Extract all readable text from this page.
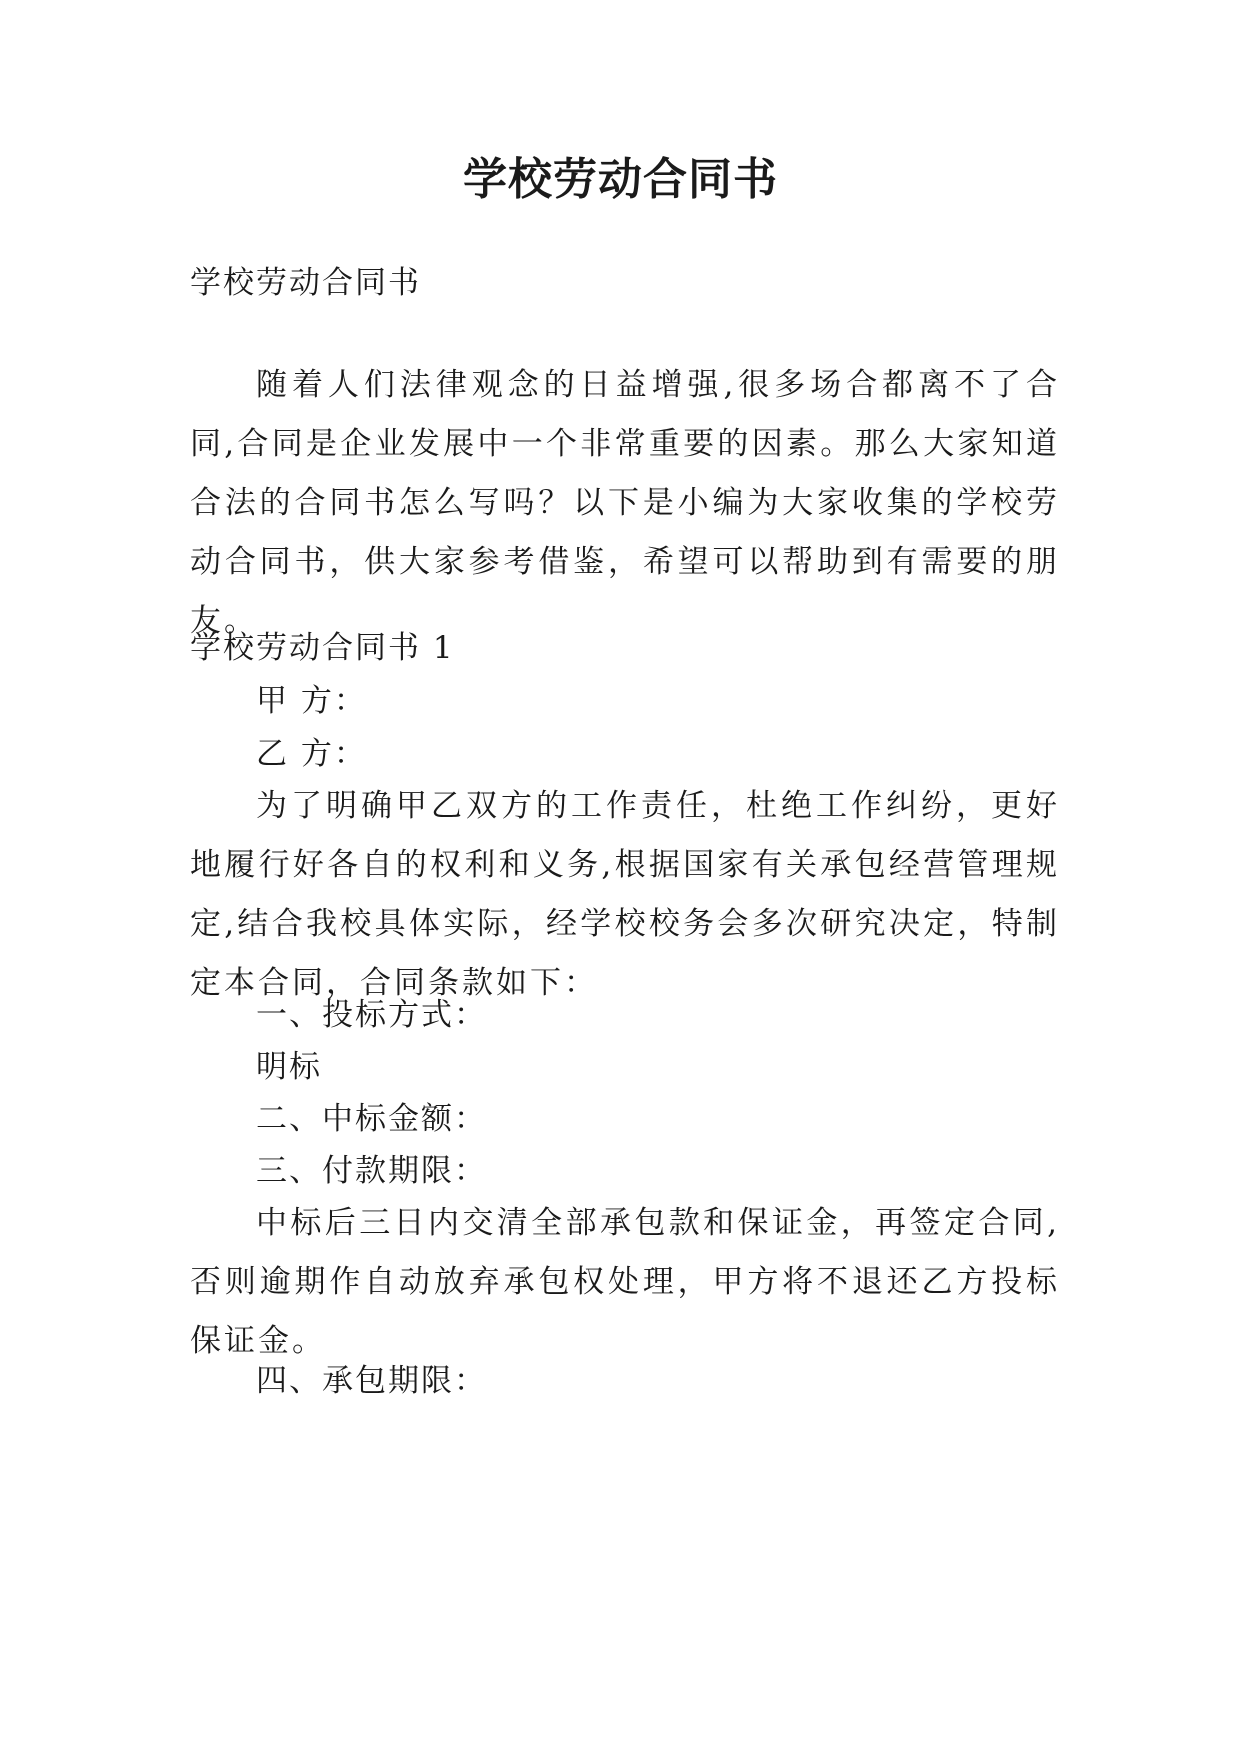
学校劳动合同书
学校劳动合同书
随着人们法律观念的日益增强,很多场合都离不了合同,合同是企业发展中一个非常重要的因素。那么大家知道合法的合同书怎么写吗？以下是小编为大家收集的学校劳动合同书，供大家参考借鉴，希望可以帮助到有需要的朋友。
学校劳动合同书 1
甲 方：
乙 方：
为了明确甲乙双方的工作责任，杜绝工作纠纷，更好地履行好各自的权利和义务,根据国家有关承包经营管理规定,结合我校具体实际，经学校校务会多次研究决定，特制定本合同，合同条款如下：
一、投标方式：
明标
二、中标金额：
三、付款期限：
中标后三日内交清全部承包款和保证金，再签定合同,否则逾期作自动放弃承包权处理，甲方将不退还乙方投标保证金。
四、承包期限：
